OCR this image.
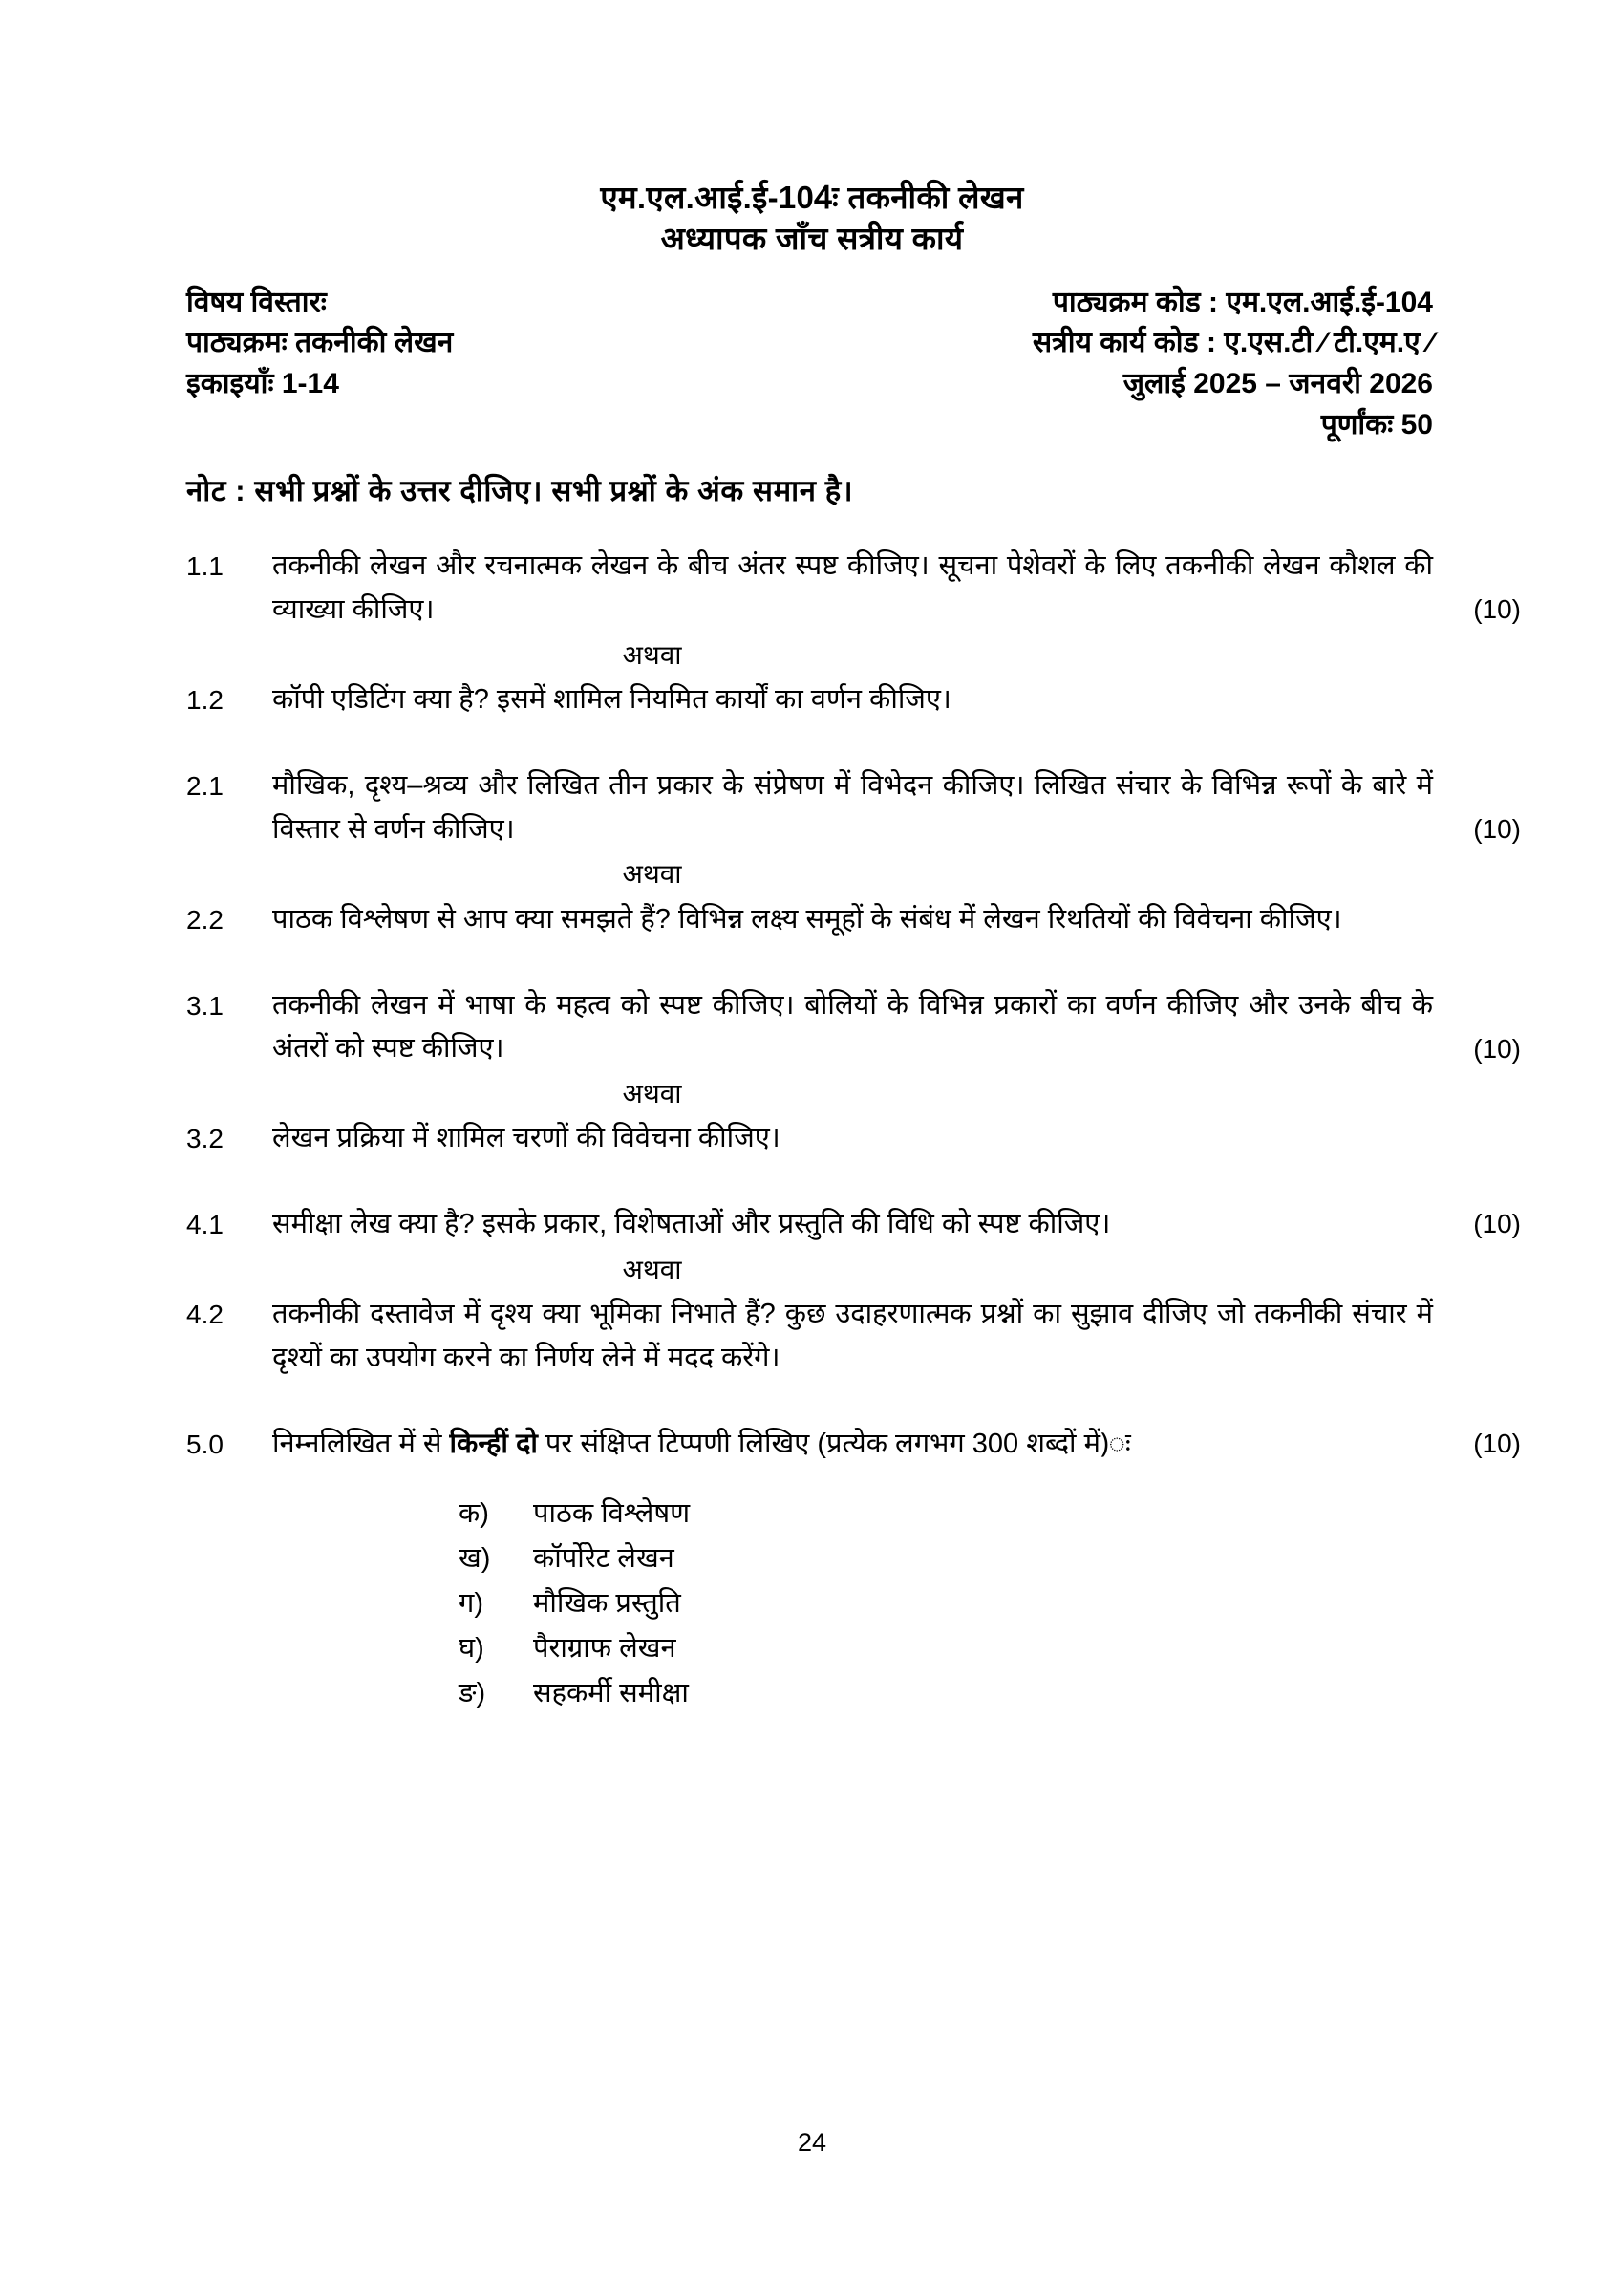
एम.एल.आई.ई-104ः तकनीकी लेखन
अध्यापक जाँच सत्रीय कार्य
विषय विस्तारः
पाठ्यक्रमः तकनीकी लेखन
इकाइयाँः 1-14
पाठ्यक्रम कोड : एम.एल.आई.ई-104
सत्रीय कार्य कोड : ए.एस.टी ⁄ टी.एम.ए ⁄
जुलाई 2025 – जनवरी 2026
पूर्णांकः 50
नोट : सभी प्रश्नों के उत्तर दीजिए। सभी प्रश्नों के अंक समान है।
1.1	तकनीकी लेखन और रचनात्मक लेखन के बीच अंतर स्पष्ट कीजिए। सूचना पेशेवरों के लिए तकनीकी लेखन कौशल की व्याख्या कीजिए।	(10)
अथवा
1.2	कॉपी एडिटिंग क्या है? इसमें शामिल नियमित कार्यों का वर्णन कीजिए।
2.1	मौखिक, दृश्य–श्रव्य और लिखित तीन प्रकार के संप्रेषण में विभेदन कीजिए। लिखित संचार के विभिन्न रूपों के बारे में विस्तार से वर्णन कीजिए।	(10)
अथवा
2.2	पाठक विश्लेषण से आप क्या समझते हैं? विभिन्न लक्ष्य समूहों के संबंध में लेखन रिथतियों की विवेचना कीजिए।
3.1	तकनीकी लेखन में भाषा के महत्व को स्पष्ट कीजिए। बोलियों के विभिन्न प्रकारों का वर्णन कीजिए और उनके बीच के अंतरों को स्पष्ट कीजिए।	(10)
अथवा
3.2	लेखन प्रक्रिया में शामिल चरणों की विवेचना कीजिए।
4.1	समीक्षा लेख क्या है? इसके प्रकार, विशेषताओं और प्रस्तुति की विधि को स्पष्ट कीजिए।	(10)
अथवा
4.2	तकनीकी दस्तावेज में दृश्य क्या भूमिका निभाते हैं? कुछ उदाहरणात्मक प्रश्नों का सुझाव दीजिए जो तकनीकी संचार में दृश्यों का उपयोग करने का निर्णय लेने में मदद करेंगे।
5.0	निम्नलिखित में से किन्हीं दो पर संक्षिप्त टिप्पणी लिखिए (प्रत्येक लगभग 300 शब्दों में)ः	(10)
क)	पाठक विश्लेषण
ख)	कॉर्पोरेट लेखन
ग)	मौखिक प्रस्तुति
घ)	पैराग्राफ लेखन
ङ)	सहकर्मी समीक्षा
24
